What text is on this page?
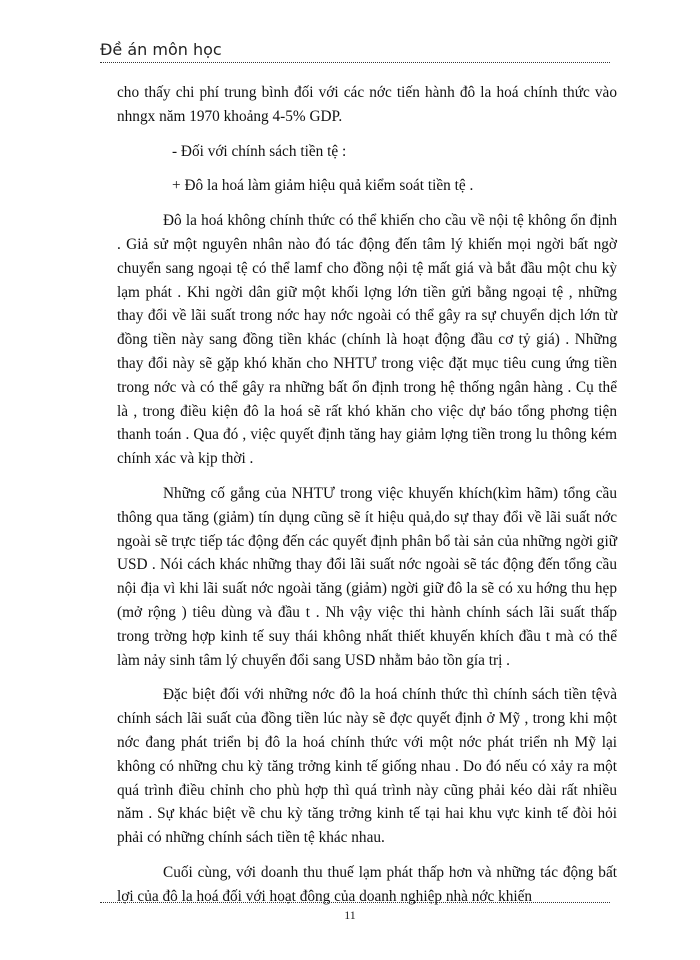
Đề án môn học

cho thấy chi phí trung bình đối với các nớc tiến hành đô la hoá chính thức vào nhngx năm 1970 khoảng 4-5% GDP.

- Đối với chính sách tiền tệ :

+ Đô la hoá làm giảm hiệu quả kiểm soát tiền tệ .

Đô la hoá không chính thức có thể khiến cho cầu về nội tệ không ổn định . Giả sử một nguyên nhân nào đó tác động đến tâm lý khiến mọi ngời bất ngờ chuyển sang ngoại tệ có thể lamf cho đồng nội tệ mất giá và bắt đầu một chu kỳ lạm phát . Khi ngời dân giữ một khối lợng lớn tiền gửi bằng ngoại tệ , những thay đổi về lãi suất trong nớc hay nớc ngoài có thể gây ra sự chuyển dịch lớn từ đồng tiền này sang đồng tiền khác (chính là hoạt động đầu cơ tỷ giá) . Những thay đổi này sẽ gặp khó khăn cho NHTƯ trong việc đặt mục tiêu cung ứng tiền trong nớc và có thể gây ra những bất ổn định trong hệ thống ngân hàng . Cụ thể là , trong điều kiện đô la hoá sẽ rất khó khăn cho việc dự báo tổng phơng tiện thanh toán . Qua đó , việc quyết định tăng hay giảm lợng tiền trong lu thông kém chính xác và kịp thời .

Những cố gắng của NHTƯ trong việc khuyến khích(kìm hãm) tổng cầu thông qua tăng (giảm) tín dụng cũng sẽ ít hiệu quả,do sự thay đổi về lãi suất nớc ngoài sẽ trực tiếp tác động đến các quyết định phân bổ tài sản của những ngời giữ USD . Nói cách khác những thay đổi lãi suất nớc ngoài sẽ tác động đến tổng cầu nội địa vì khi lãi suất nớc ngoài tăng (giảm) ngời giữ đô la sẽ có xu hớng thu hẹp (mở rộng ) tiêu dùng và đầu t . Nh vậy việc thi hành chính sách lãi suất thấp trong trờng hợp kinh tế suy thái không nhất thiết khuyến khích đầu t mà có thể làm nảy sinh tâm lý chuyển đổi sang USD nhằm bảo tồn gía trị .

Đặc biệt đối với những nớc đô la hoá chính thức thì chính sách tiền tệvà chính sách lãi suất của đồng tiền lúc này sẽ đợc quyết định ở Mỹ , trong khi một nớc đang phát triển bị đô la hoá chính thức với một nớc phát triển nh Mỹ lại không có những chu kỳ tăng trởng kinh tế giống nhau . Do đó nếu có xảy ra một quá trình điều chỉnh cho phù hợp thì quá trình này cũng phải kéo dài rất nhiều năm . Sự khác biệt về chu kỳ tăng trởng kinh tế tại hai khu vực kinh tế đòi hỏi phải có những chính sách tiền tệ khác nhau.

Cuối cùng, với doanh thu thuế lạm phát thấp hơn và những tác động bất lợi của đô la hoá đối với hoạt đông của doanh nghiệp nhà nớc khiến

11
